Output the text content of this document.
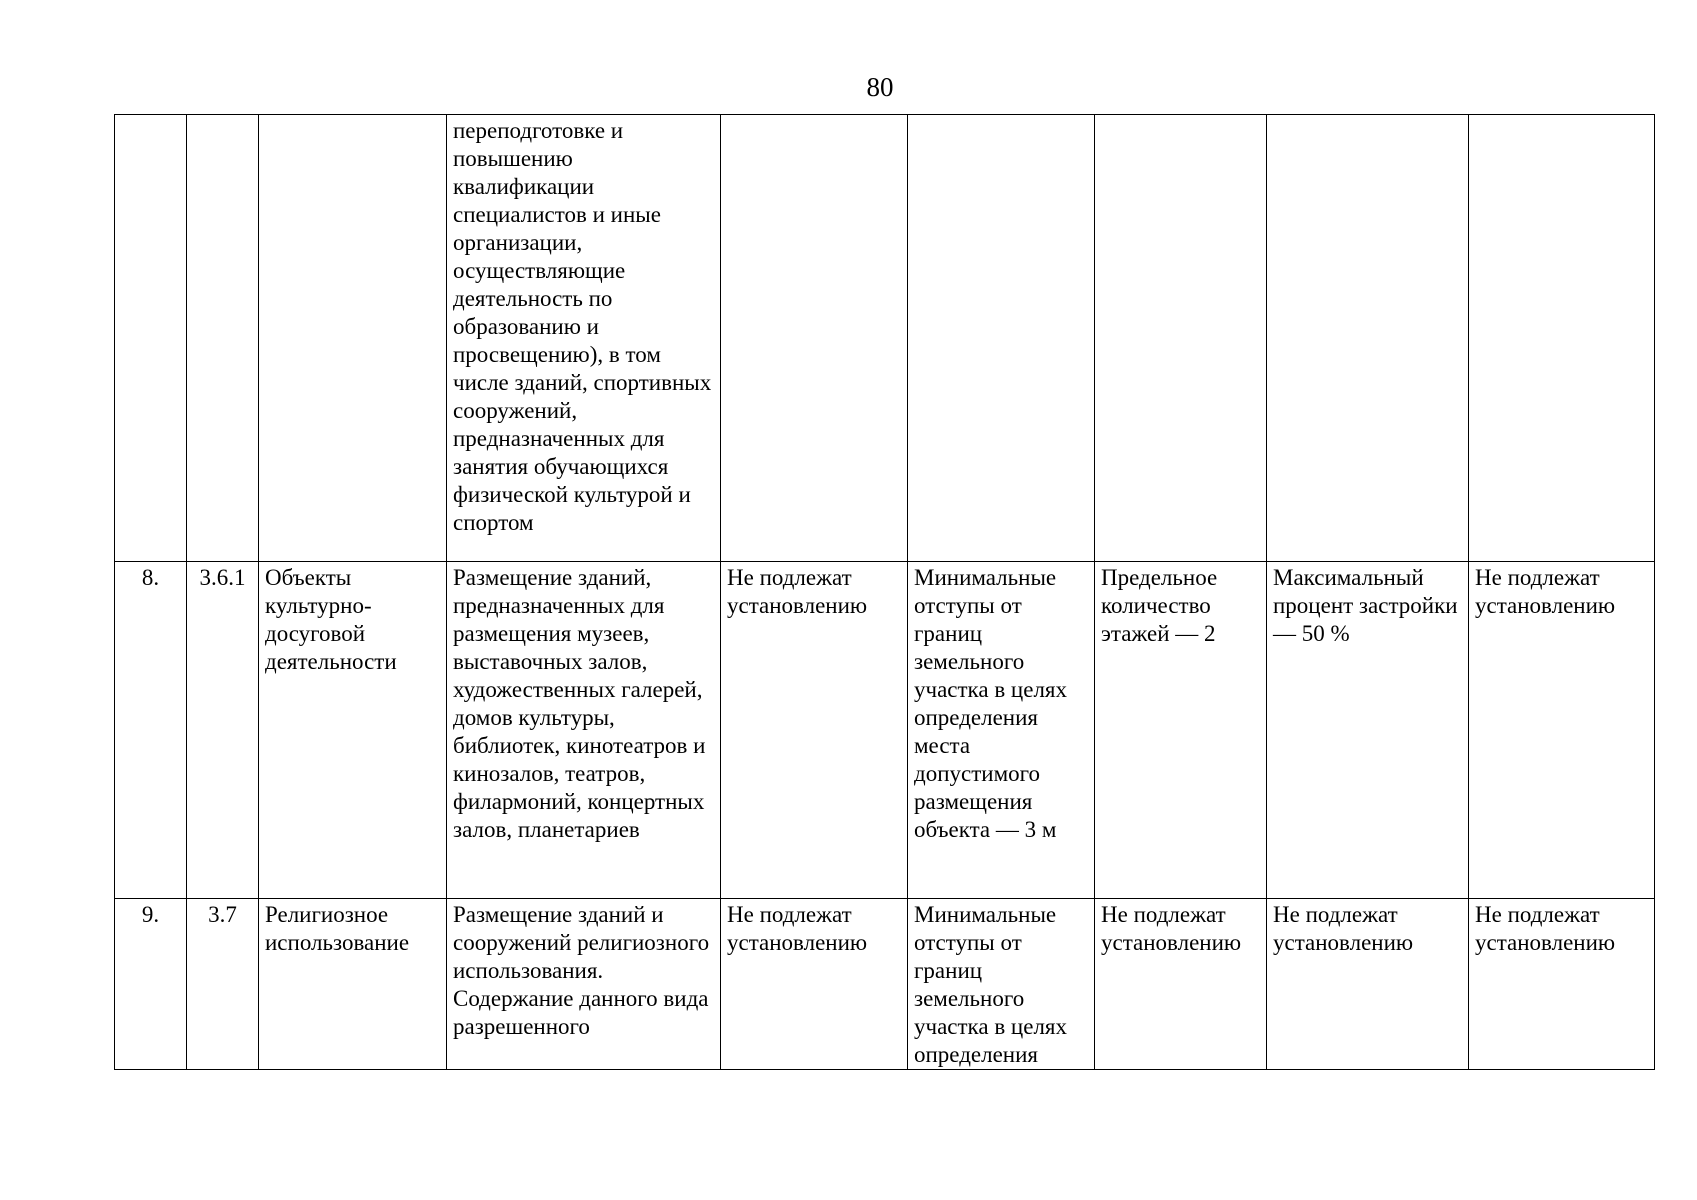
80
			переподготовке и повышению квалификации специалистов и иные организации, осуществляющие деятельность по образованию и просвещению), в том числе зданий, спортивных сооружений, предназначенных для занятия обучающихся физической культурой и спортом					
8.	3.6.1	Объекты культурно- досуговой деятельности	Размещение зданий, предназначенных для размещения музеев, выставочных залов, художественных галерей, домов культуры, библиотек, кинотеатров и кинозалов, театров, филармоний, концертных залов, планетариев	Не подлежат установлению	Минимальные отступы от границ земельного участка в целях определения места допустимого размещения объекта — 3 м	Предельное количество этажей — 2	Максимальный процент застройки — 50 %	Не подлежат установлению
9.	3.7	Религиозное использование	Размещение зданий и сооружений религиозного использования. Содержание данного вида разрешенного	Не подлежат установлению	Минимальные отступы от границ земельного участка в целях определения	Не подлежат установлению	Не подлежат установлению	Не подлежат установлению
